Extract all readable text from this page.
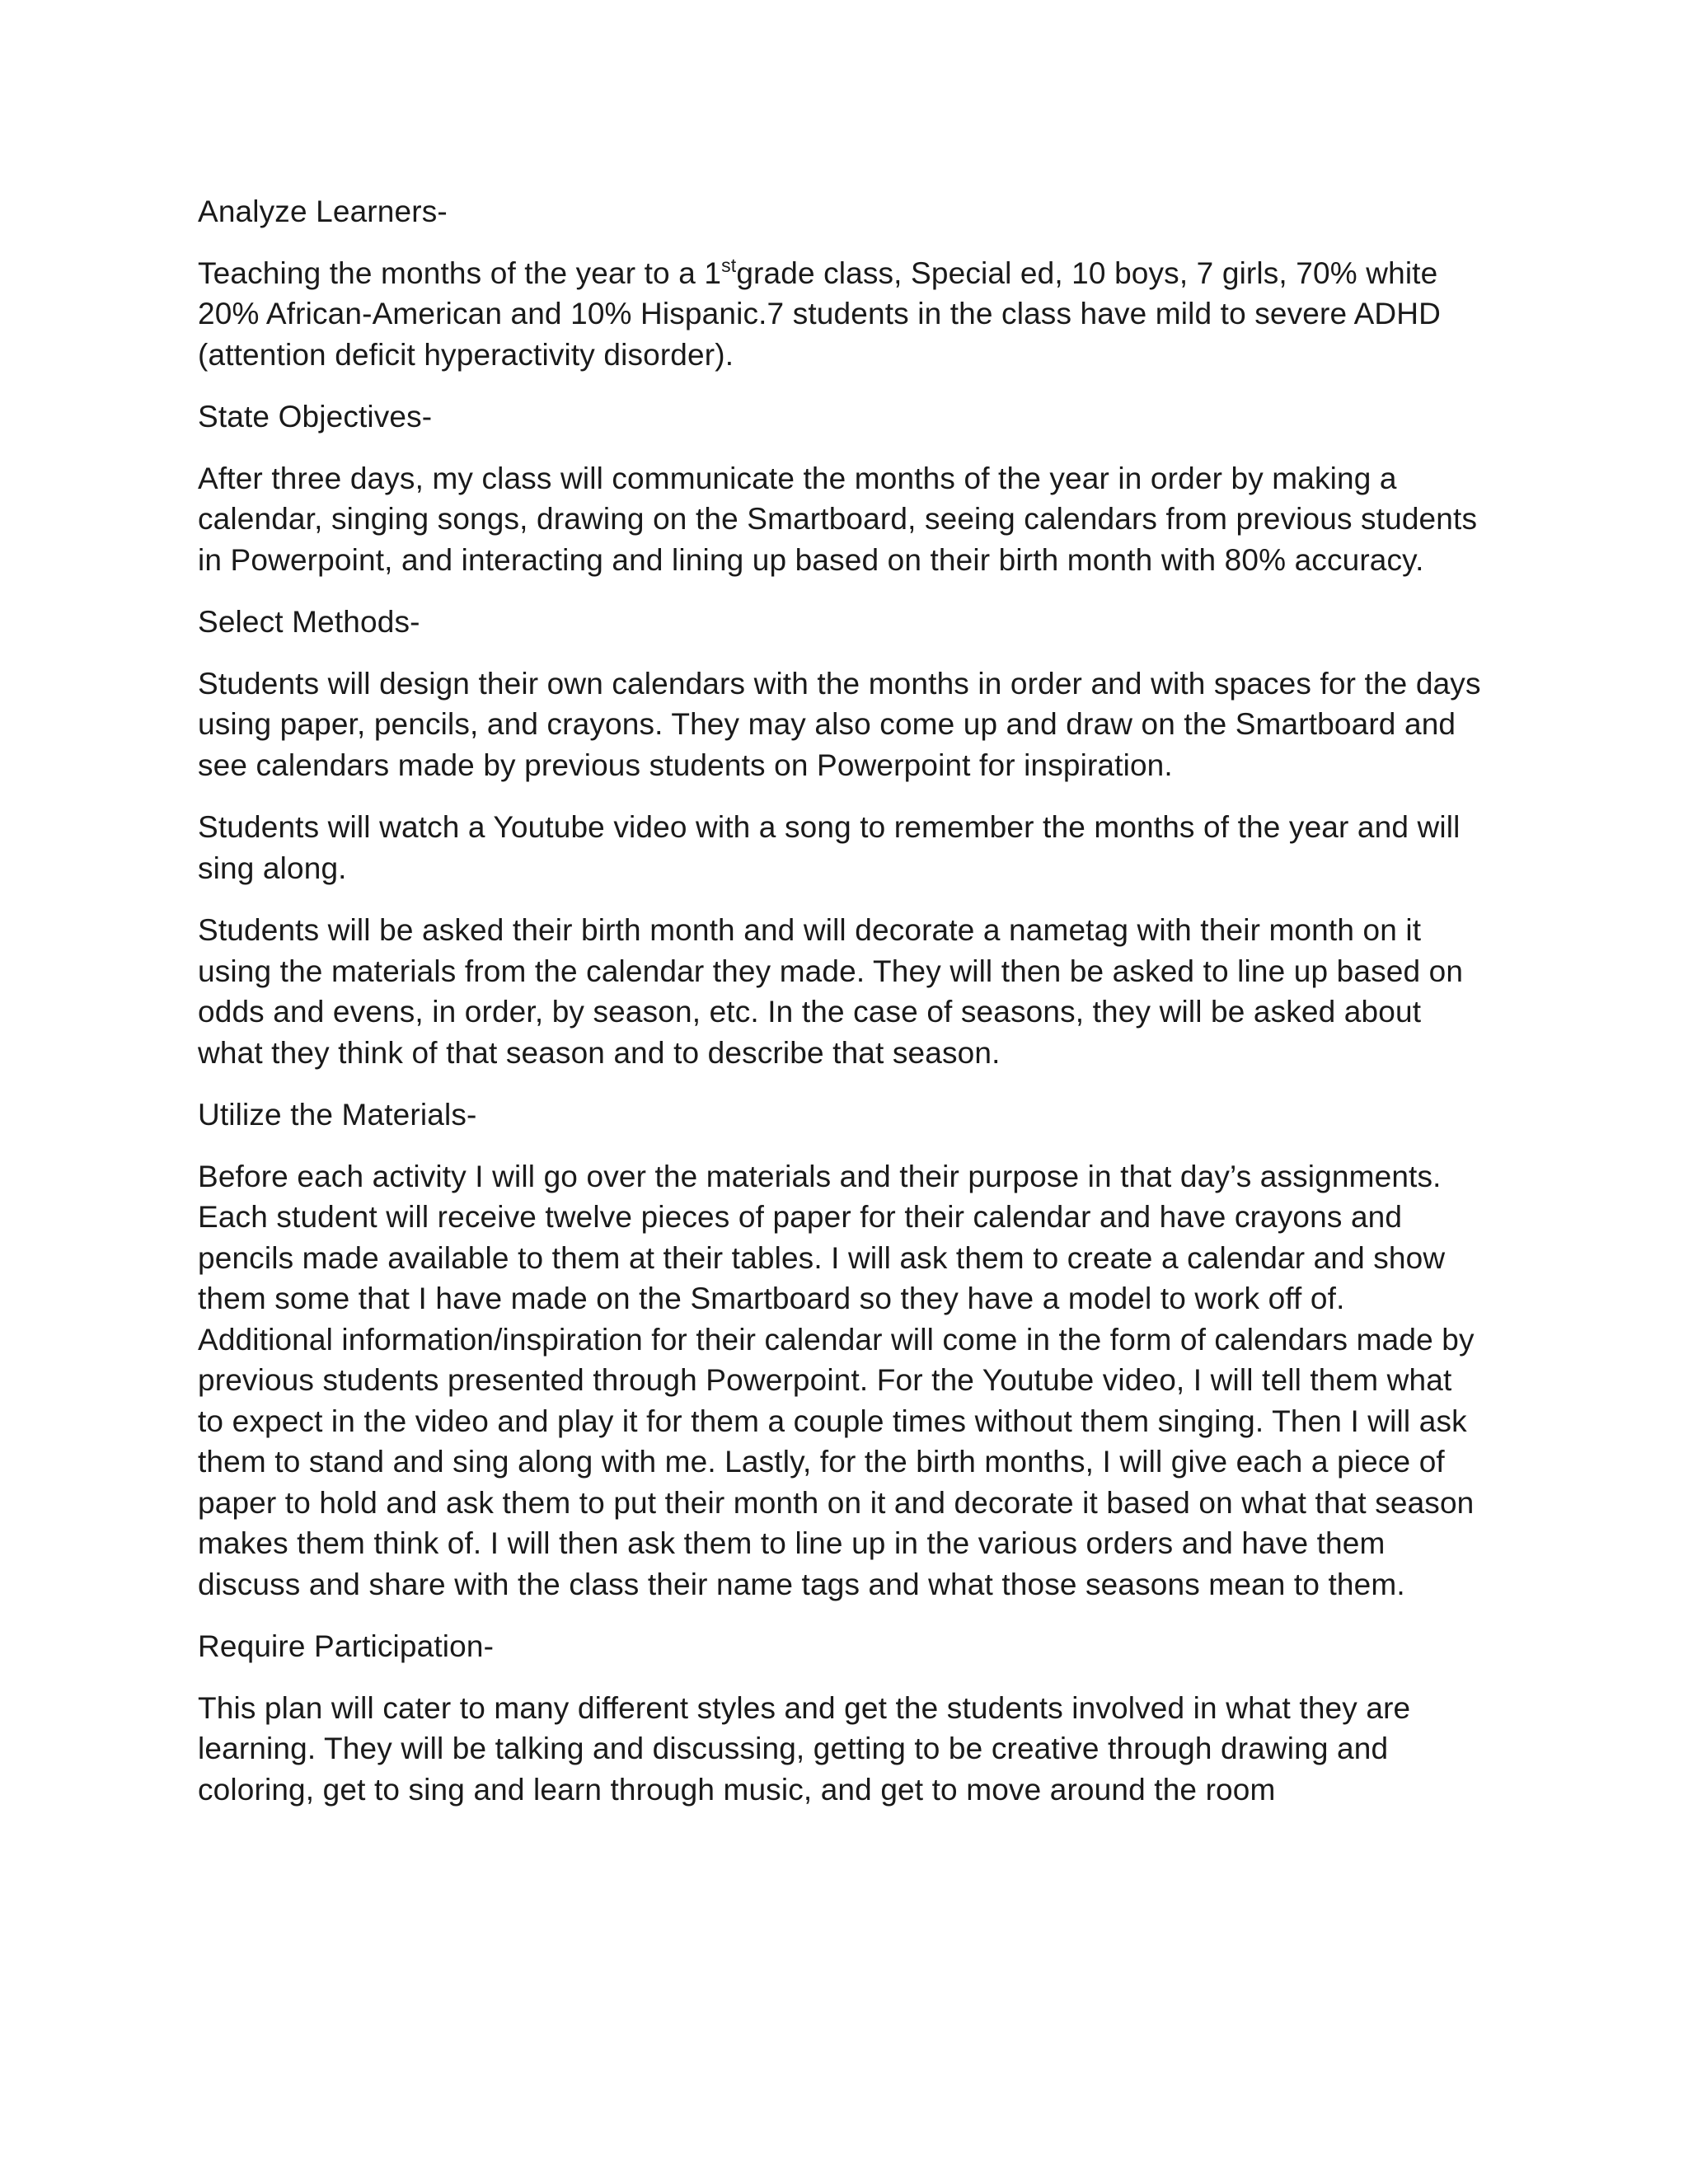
Analyze Learners-

Teaching the months of the year to a 1stgrade class, Special ed, 10 boys, 7 girls, 70% white 20% African-American and 10% Hispanic.7 students in the class have mild to severe ADHD (attention deficit hyperactivity disorder).

State Objectives-

After three days, my class will communicate the months of the year in order by making a calendar, singing songs, drawing on the Smartboard, seeing calendars from previous students in Powerpoint, and interacting and lining up based on their birth month with 80% accuracy.

Select Methods-

Students will design their own calendars with the months in order and with spaces for the days using paper, pencils, and crayons. They may also come up and draw on the Smartboard and see calendars made by previous students on Powerpoint for inspiration.

Students will watch a Youtube video with a song to remember the months of the year and will sing along.

Students will be asked their birth month and will decorate a nametag with their month on it using the materials from the calendar they made. They will then be asked to line up based on odds and evens, in order, by season, etc. In the case of seasons, they will be asked about what they think of that season and to describe that season.

Utilize the Materials-

Before each activity I will go over the materials and their purpose in that day’s assignments. Each student will receive twelve pieces of paper for their calendar and have crayons and pencils made available to them at their tables. I will ask them to create a calendar and show them some that I have made on the Smartboard so they have a model to work off of. Additional information/inspiration for their calendar will come in the form of calendars made by previous students presented through Powerpoint. For the Youtube video, I will tell them what to expect in the video and play it for them a couple times without them singing. Then I will ask them to stand and sing along with me. Lastly, for the birth months, I will give each a piece of paper to hold and ask them to put their month on it and decorate it based on what that season makes them think of. I will then ask them to line up in the various orders and have them discuss and share with the class their name tags and what those seasons mean to them.

Require Participation-

This plan will cater to many different styles and get the students involved in what they are learning. They will be talking and discussing, getting to be creative through drawing and coloring, get to sing and learn through music, and get to move around the room
